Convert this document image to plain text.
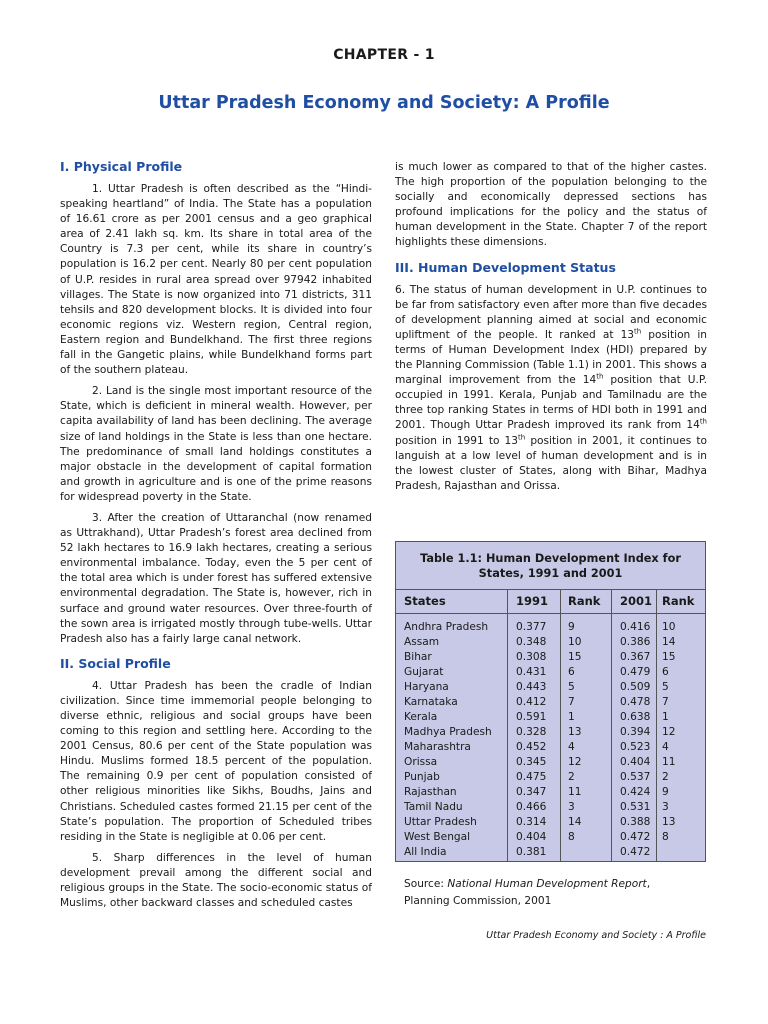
CHAPTER - 1
Uttar Pradesh Economy and Society: A Profile
I. Physical Profile

1. Uttar Pradesh is often described as the “Hindi-speaking heartland” of India. The State has a population of 16.61 crore as per 2001 census and a geo graphical area of 2.41 lakh sq. km. Its share in total area of the Country is 7.3 per cent, while its share in country’s population is 16.2 per cent. Nearly 80 per cent population of U.P. resides in rural area spread over 97942 inhabited villages. The State is now organized into 71 districts, 311 tehsils and 820 development blocks. It is divided into four economic regions viz. Western region, Central region, Eastern region and Bundelkhand. The first three regions fall in the Gangetic plains, while Bundelkhand forms part of the southern plateau.

2. Land is the single most important resource of the State, which is deficient in mineral wealth. However, per capita availability of land has been declining. The average size of land holdings in the State is less than one hectare. The predominance of small land holdings constitutes a major obstacle in the development of capital formation and growth in agriculture and is one of the prime reasons for widespread poverty in the State.

3. After the creation of Uttaranchal (now renamed as Uttrakhand), Uttar Pradesh’s forest area declined from 52 lakh hectares to 16.9 lakh hectares, creating a serious environmental imbalance. Today, even the 5 per cent of the total area which is under forest has suffered extensive environmental degradation. The State is, however, rich in surface and ground water resources. Over three-fourth of the sown area is irrigated mostly through tube-wells. Uttar Pradesh also has a fairly large canal network.

II. Social Profile

4. Uttar Pradesh has been the cradle of Indian civilization. Since time immemorial people belonging to diverse ethnic, religious and social groups have been coming to this region and settling here. According to the 2001 Census, 80.6 per cent of the State population was Hindu. Muslims formed 18.5 percent of the population. The remaining 0.9 per cent of population consisted of other religious minorities like Sikhs, Boudhs, Jains and Christians. Scheduled castes formed 21.15 per cent of the State’s population. The proportion of Scheduled tribes residing in the State is negligible at 0.06 per cent.

5. Sharp differences in the level of human development prevail among the different social and religious groups in the State. The socio-economic status of Muslims, other backward classes and scheduled castes

is much lower as compared to that of the higher castes. The high proportion of the population belonging to the socially and economically depressed sections has profound implications for the policy and the status of human development in the State. Chapter 7 of the report highlights these dimensions.

III. Human Development Status

6. The status of human development in U.P. continues to be far from satisfactory even after more than five decades of development planning aimed at social and economic upliftment of the people. It ranked at 13th position in terms of Human Development Index (HDI) prepared by the Planning Commission (Table 1.1) in 2001. This shows a marginal improvement from the 14th position that U.P. occupied in 1991. Kerala, Punjab and Tamilnadu are the three top ranking States in terms of HDI both in 1991 and 2001. Though Uttar Pradesh improved its rank from 14th position in 1991 to 13th position in 2001, it continues to languish at a low level of human development and is in the lowest cluster of States, along with Bihar, Madhya Pradesh, Rajasthan and Orissa.

Table 1.1: Human Development Index for States, 1991 and 2001
States	1991 Rank 2001 Rank
Andhra Pradesh	0.377 9	0.416 10
Assam	0.348 10	0.386 14
Bihar	0.308 15	0.367 15
Gujarat	0.431 6	0.479 6
Haryana	0.443 5	0.509 5
Karnataka	0.412 7	0.478 7
Kerala	0.591 1	0.638 1
Madhya Pradesh 0.328 13	0.394 12
Maharashtra	0.452 4	0.523 4
Orissa	0.345 12	0.404 11
Punjab	0.475 2	0.537 2
Rajasthan	0.347 11	0.424 9
Tamil Nadu	0.466 3	0.531 3
Uttar Pradesh	0.314 14	0.388 13
West Bengal	0.404 8	0.472 8
All India	0.381	0.472
Source: National Human Development Report,
Planning Commission, 2001
Uttar Pradesh Economy and Society : A Profile
